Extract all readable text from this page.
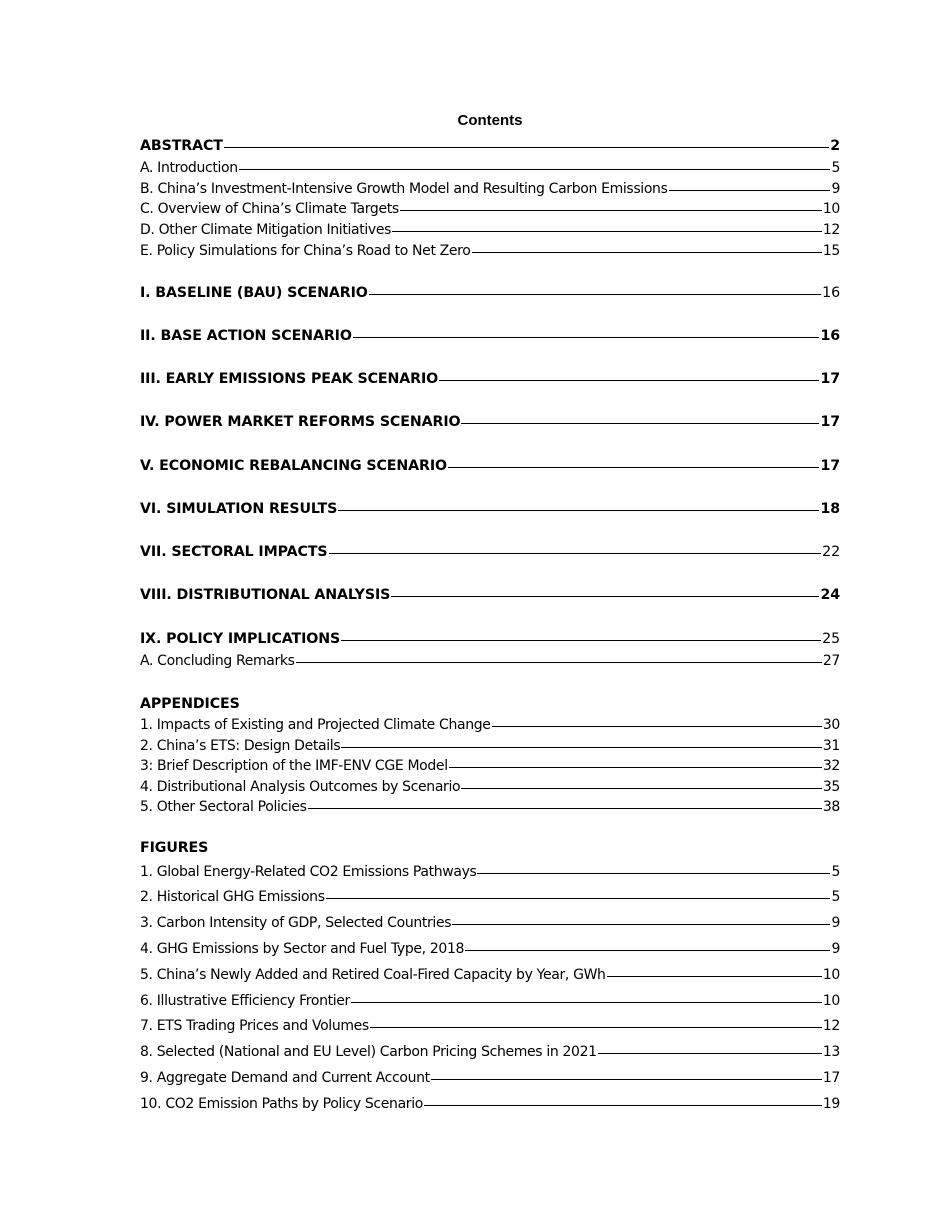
Contents
ABSTRACT	2
A. Introduction	5
B. China’s Investment-Intensive Growth Model and Resulting Carbon Emissions	9
C. Overview of China’s Climate Targets	10
D. Other Climate Mitigation Initiatives	12
E. Policy Simulations for China’s Road to Net Zero	15
I. BASELINE (BAU) SCENARIO	16
II. BASE ACTION SCENARIO	16
III. EARLY EMISSIONS PEAK SCENARIO	17
IV. POWER MARKET REFORMS SCENARIO	17
V. ECONOMIC REBALANCING SCENARIO	17
VI. SIMULATION RESULTS	18
VII. SECTORAL IMPACTS	22
VIII. DISTRIBUTIONAL ANALYSIS	24
IX. POLICY IMPLICATIONS	25
A. Concluding Remarks	27
APPENDICES
1. Impacts of Existing and Projected Climate Change	30
2. China’s ETS: Design Details	31
3: Brief Description of the IMF-ENV CGE Model	32
4. Distributional Analysis Outcomes by Scenario	35
5. Other Sectoral Policies	38
FIGURES
1. Global Energy-Related CO2 Emissions Pathways	5
2. Historical GHG Emissions	5
3. Carbon Intensity of GDP, Selected Countries	9
4. GHG Emissions by Sector and Fuel Type, 2018	9
5. China’s Newly Added and Retired Coal-Fired Capacity by Year, GWh	10
6. Illustrative Efficiency Frontier	10
7. ETS Trading Prices and Volumes	12
8. Selected (National and EU Level) Carbon Pricing Schemes in 2021	13
9. Aggregate Demand and Current Account	17
10. CO2 Emission Paths by Policy Scenario	19
